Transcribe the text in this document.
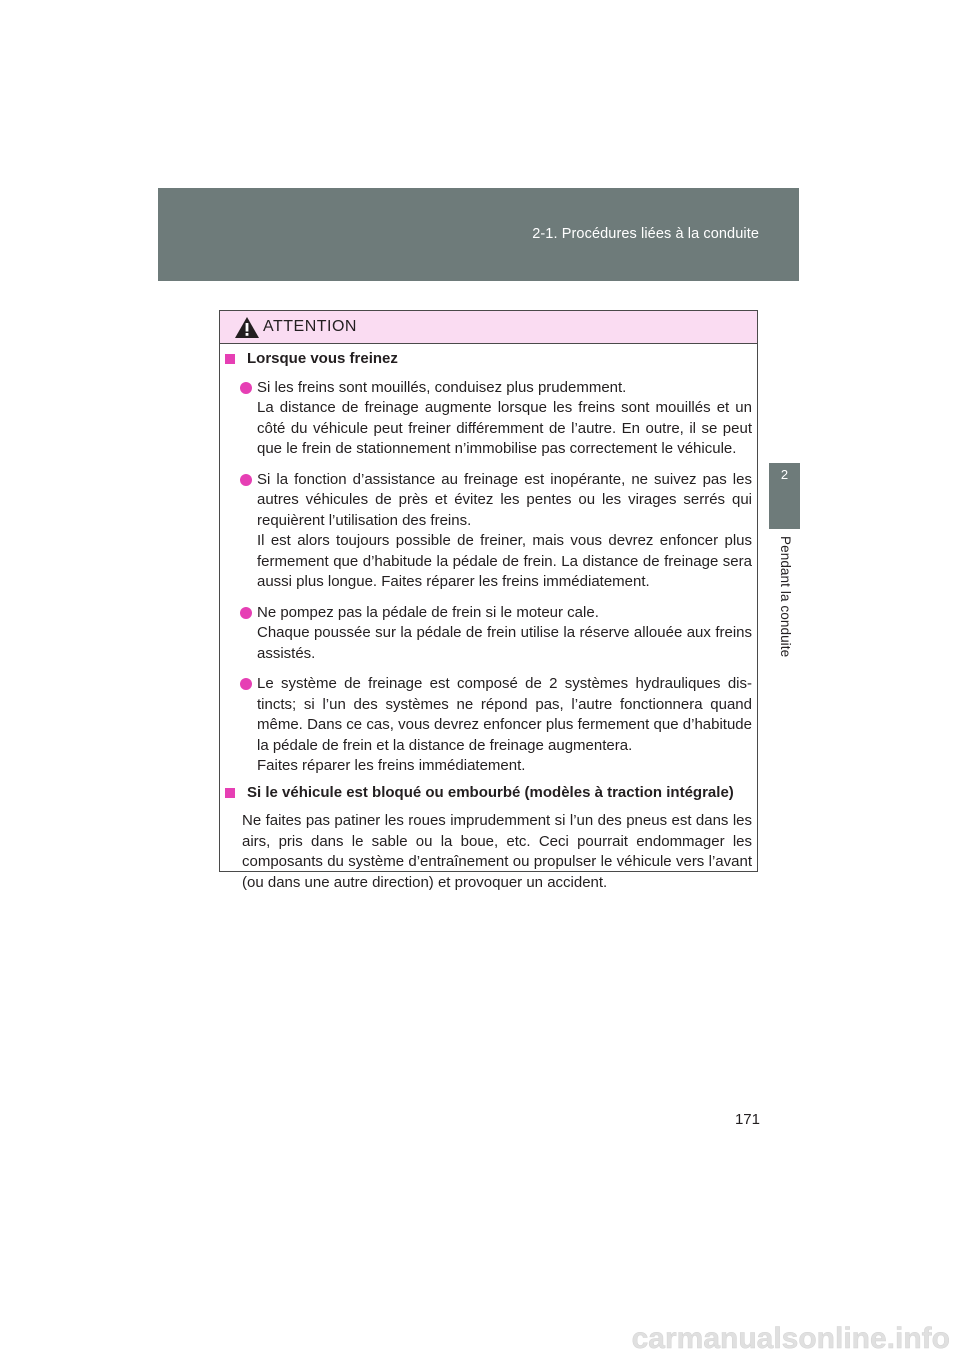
2-1. Procédures liées à la conduite
2
Pendant la conduite
ATTENTION
Lorsque vous freinez
Si les freins sont mouillés, conduisez plus prudemment.
La distance de freinage augmente lorsque les freins sont mouillés et un côté du véhicule peut freiner différemment de l’autre. En outre, il se peut que le frein de stationnement n’immobilise pas correctement le véhicule.
Si la fonction d’assistance au freinage est inopérante, ne suivez pas les autres véhicules de près et évitez les pentes ou les virages serrés qui requièrent l’utilisation des freins.
Il est alors toujours possible de freiner, mais vous devrez enfoncer plus fermement que d’habitude la pédale de frein. La distance de freinage sera aussi plus longue. Faites réparer les freins immédiatement.
Ne pompez pas la pédale de frein si le moteur cale.
Chaque poussée sur la pédale de frein utilise la réserve allouée aux freins assistés.
Le système de freinage est composé de 2 systèmes hydrauliques distincts; si l’un des systèmes ne répond pas, l’autre fonctionnera quand même. Dans ce cas, vous devrez enfoncer plus fermement que d’habitude la pédale de frein et la distance de freinage augmentera.
Faites réparer les freins immédiatement.
Si le véhicule est bloqué ou embourbé (modèles à traction intégrale)
Ne faites pas patiner les roues imprudemment si l’un des pneus est dans les airs, pris dans le sable ou la boue, etc. Ceci pourrait endommager les composants du système d’entraînement ou propulser le véhicule vers l’avant (ou dans une autre direction) et provoquer un accident.
171
carmanualsonline.info
